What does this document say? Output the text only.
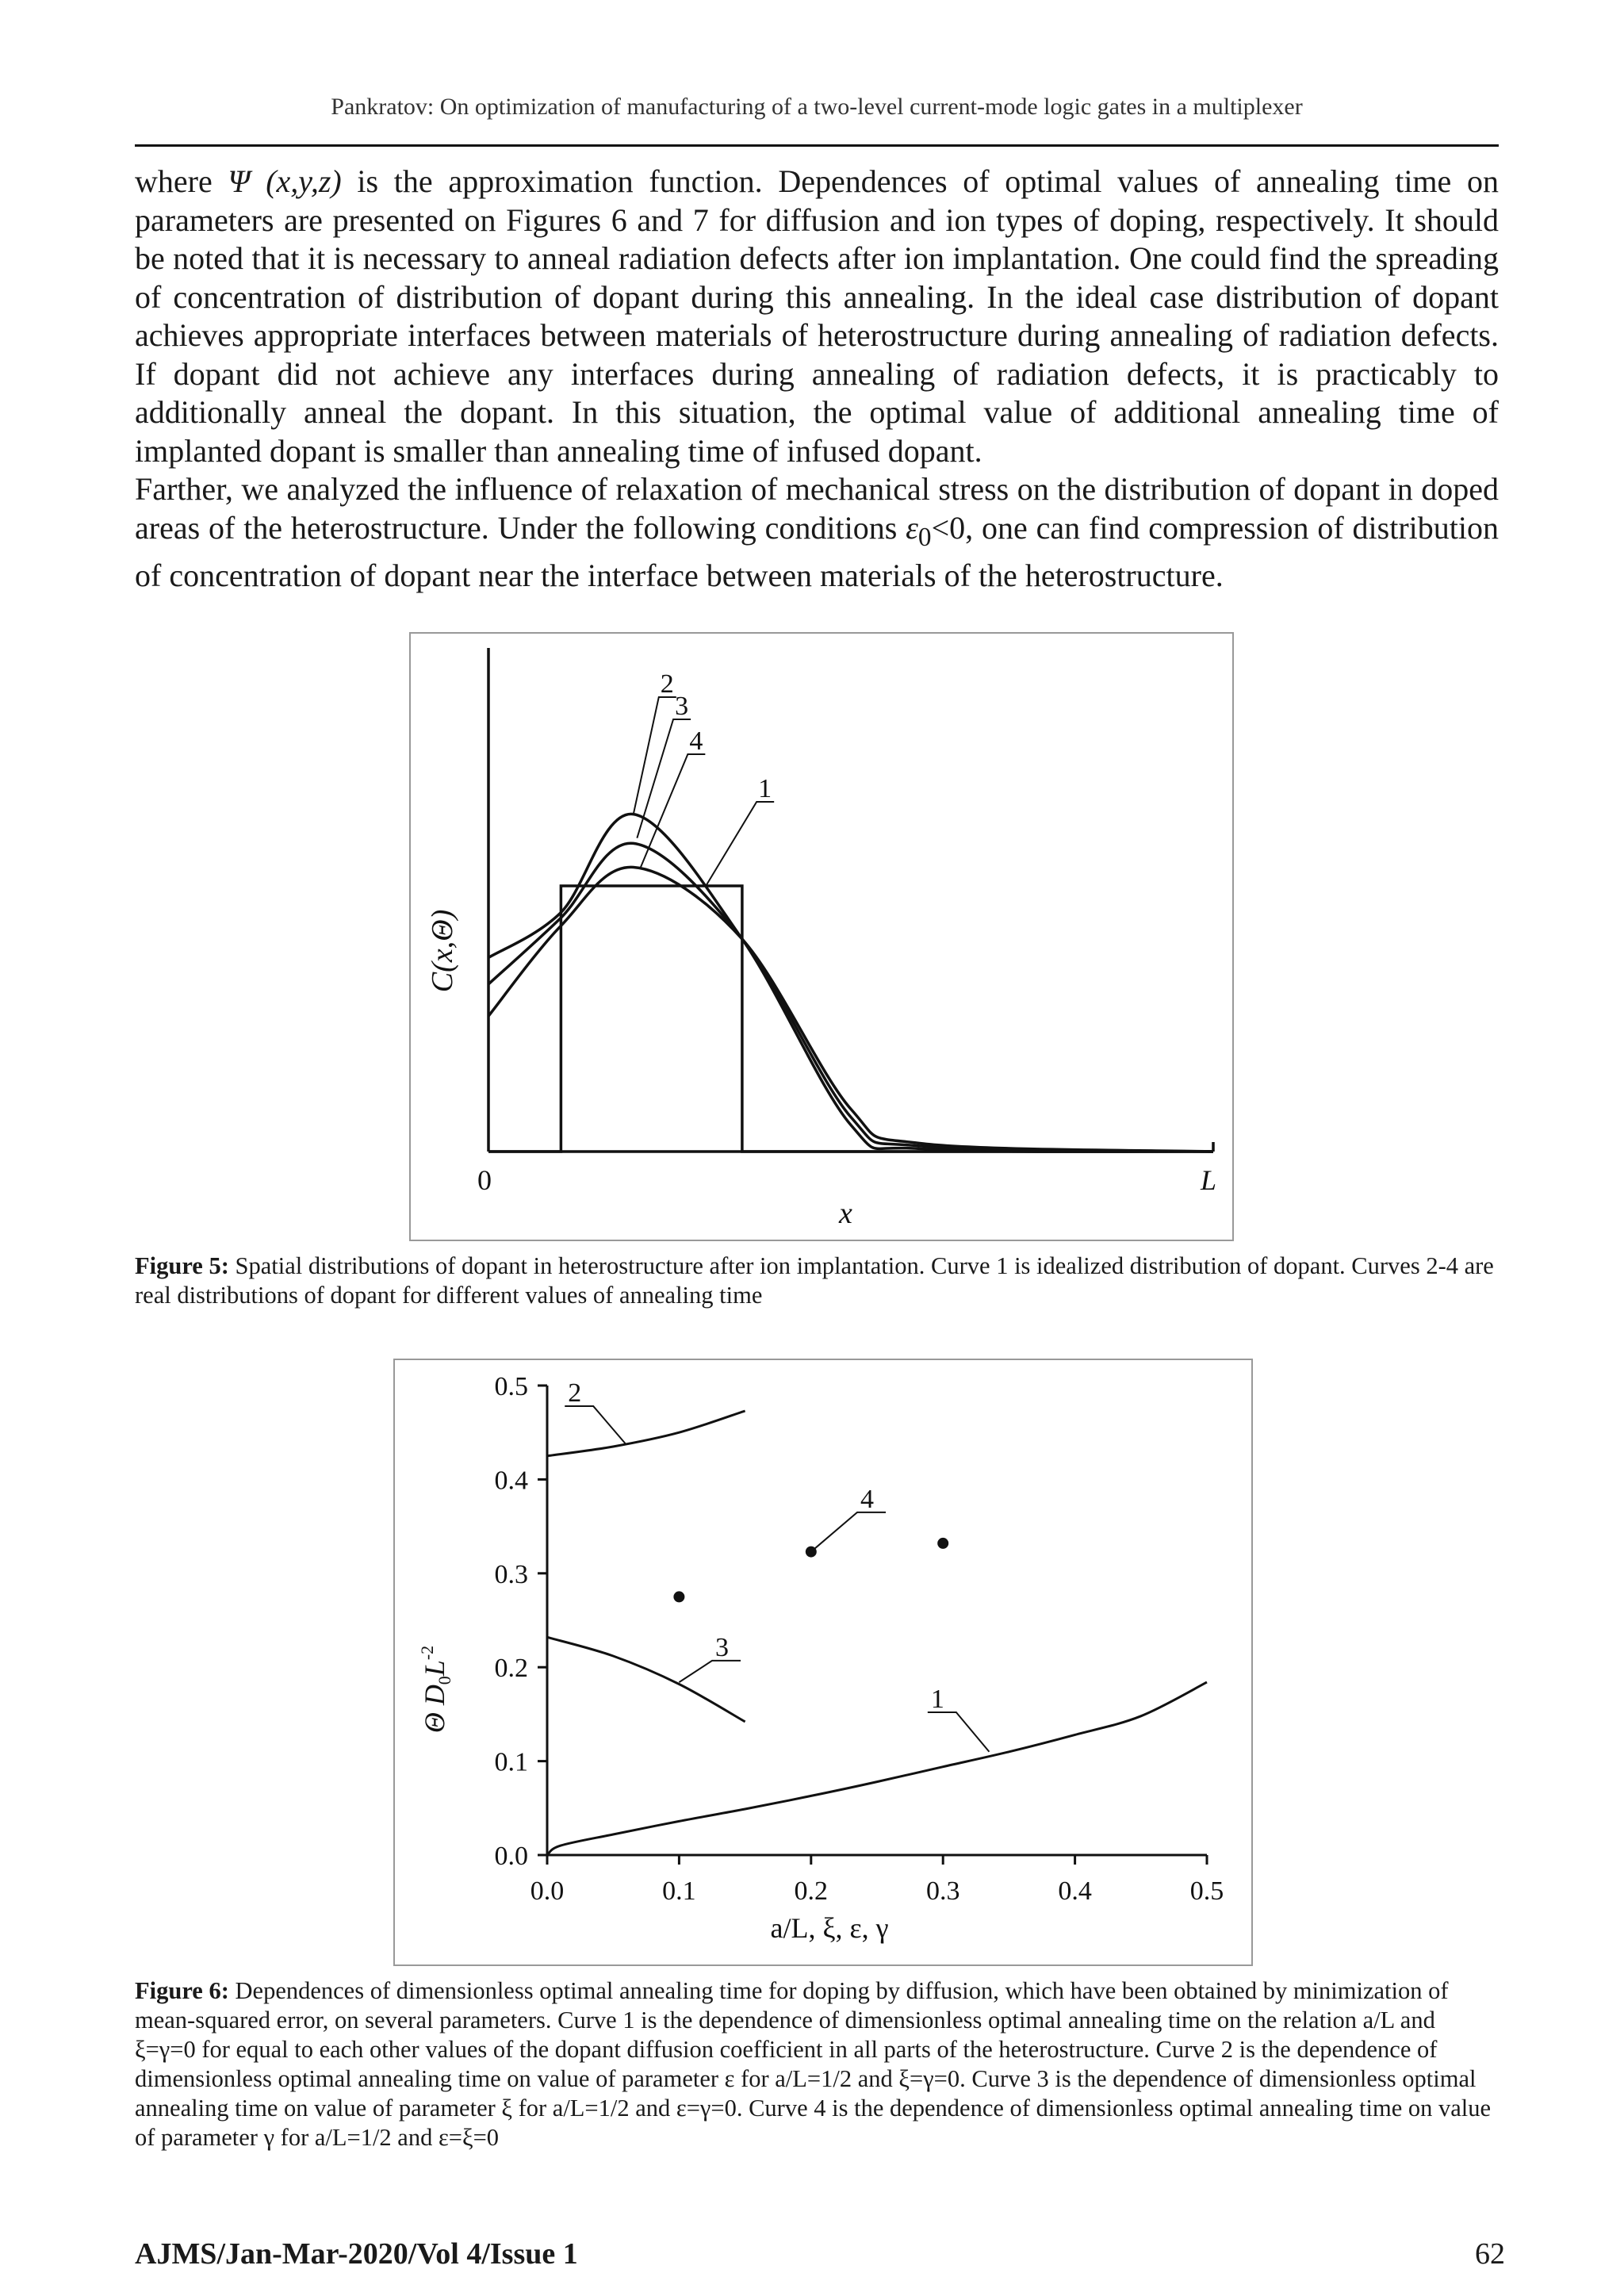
Pankratov: On optimization of manufacturing of a two-level current-mode logic gates in a multiplexer

where Ψ (x,y,z) is the approximation function. Dependences of optimal values of annealing time on parameters are presented on Figures 6 and 7 for diffusion and ion types of doping, respectively. It should be noted that it is necessary to anneal radiation defects after ion implantation. One could find the spreading of concentration of distribution of dopant during this annealing. In the ideal case distribution of dopant achieves appropriate interfaces between materials of heterostructure during annealing of radiation defects. If dopant did not achieve any interfaces during annealing of radiation defects, it is practicably to additionally anneal the dopant. In this situation, the optimal value of additional annealing time of implanted dopant is smaller than annealing time of infused dopant.

Farther, we analyzed the influence of relaxation of mechanical stress on the distribution of dopant in doped areas of the heterostructure. Under the following conditions $\varepsilon_0<0$, one can find compression of distribution of concentration of dopant near the interface between materials of the heterostructure.

2
3
4
1
0	L
x
C(x,Θ)
Figure 5: Spatial distributions of dopant in heterostructure after ion implantation. Curve 1 is idealized distribution of dopant. Curves 2-4 are real distributions of dopant for different values of annealing time
0.0
0.1
0.2
0.3
0.4
0.5
0.0	0.1	0.2	0.3	0.4	0.5
2
3
4
1
a/L, ξ, ε, γ
Θ $D_0L^{-2}$
Figure 6: Dependences of dimensionless optimal annealing time for doping by diffusion, which have been obtained by minimization of mean-squared error, on several parameters. Curve 1 is the dependence of dimensionless optimal annealing time on the relation a/L and ξ=γ=0 for equal to each other values of the dopant diffusion coefficient in all parts of the heterostructure. Curve 2 is the dependence of dimensionless optimal annealing time on value of parameter ε for a/L=1/2 and ξ=γ=0. Curve 3 is the dependence of dimensionless optimal annealing time on value of parameter ξ for a/L=1/2 and ε=γ=0. Curve 4 is the dependence of dimensionless optimal annealing time on value of parameter γ for a/L=1/2 and ε=ξ=0
AJMS/Jan-Mar-2020/Vol 4/Issue 1	62
